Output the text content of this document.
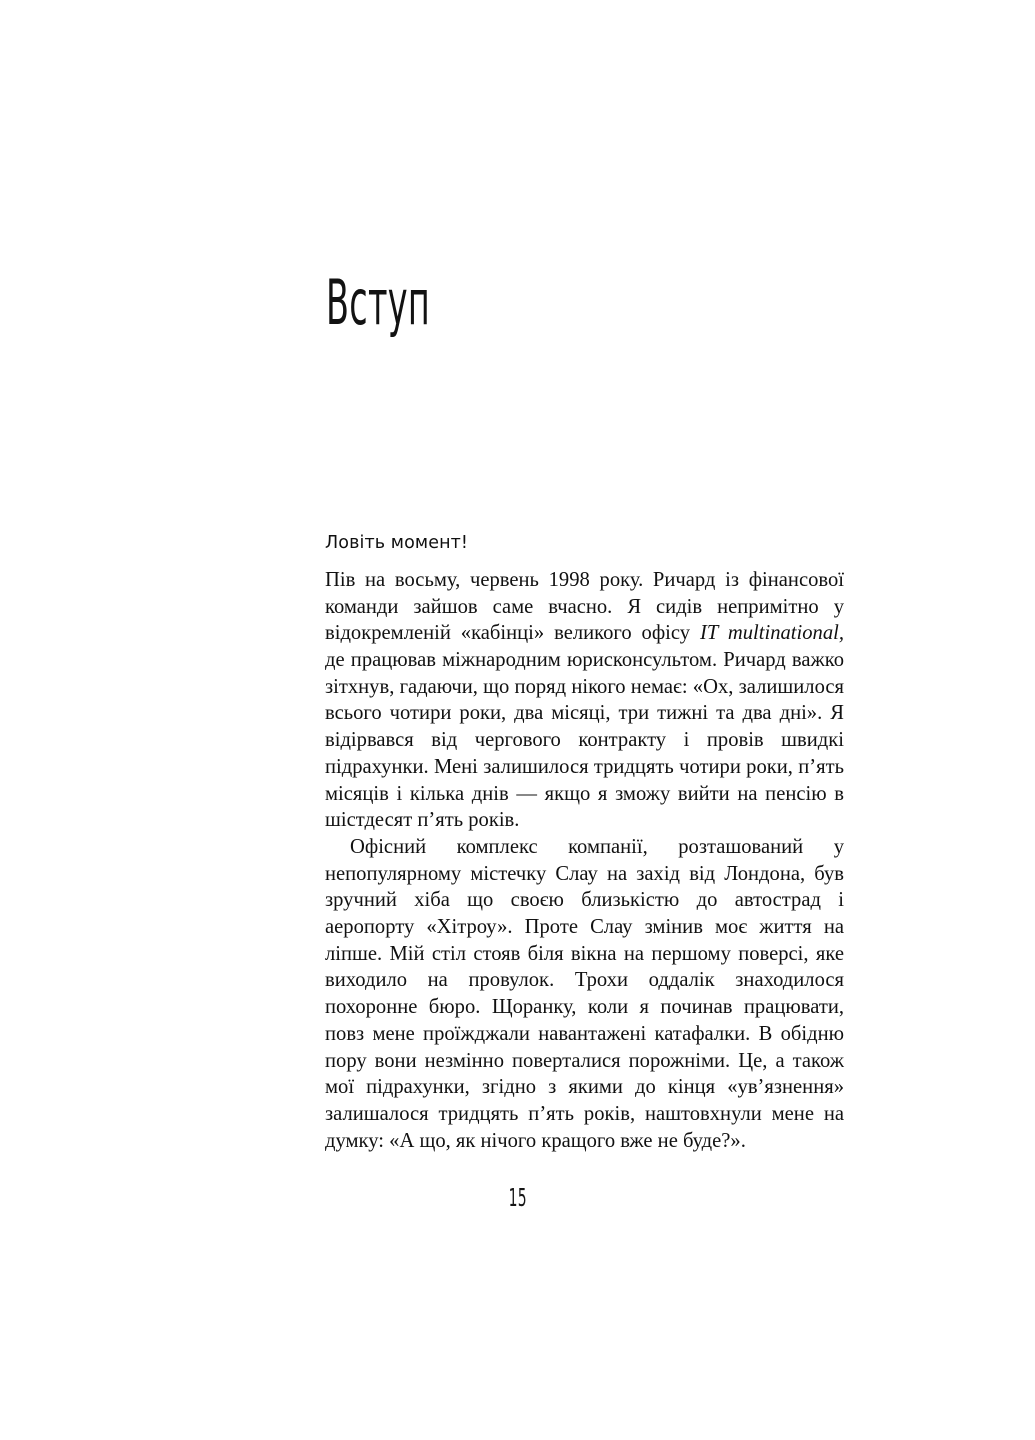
Вступ
Ловіть момент!

Пів на восьму, червень 1998 року. Ричард із фінансової команди зайшов саме вчасно. Я сидів непримітно у відокремленій «кабінці» великого офісу IT multinational, де працював міжнародним юрисконсультом. Ричард важко зітхнув, гадаючи, що поряд нікого немає: «Ох, залишилося всього чотири роки, два місяці, три тижні та два дні». Я відірвався від чергового контракту і провів швидкі підрахунки. Мені залишилося тридцять чотири роки, п’ять місяців і кілька днів — якщо я зможу вийти на пенсію в шістдесят п’ять років.

Офісний комплекс компанії, розташований у непопулярному містечку Слау на захід від Лондона, був зручний хіба що своєю близькістю до автострад і аеропорту «Хітроу». Проте Слау змінив моє життя на ліпше. Мій стіл стояв біля вікна на першому поверсі, яке виходило на провулок. Трохи оддалік знаходилося похоронне бюро. Щоранку, коли я починав працювати, повз мене проїжджали навантажені катафалки. В обідню пору вони незмінно поверталися порожніми. Це, а також мої підрахунки, згідно з якими до кінця «ув’язнення» залишалося тридцять п’ять років, наштовхнули мене на думку: «А що, як нічого кращого вже не буде?».

15
